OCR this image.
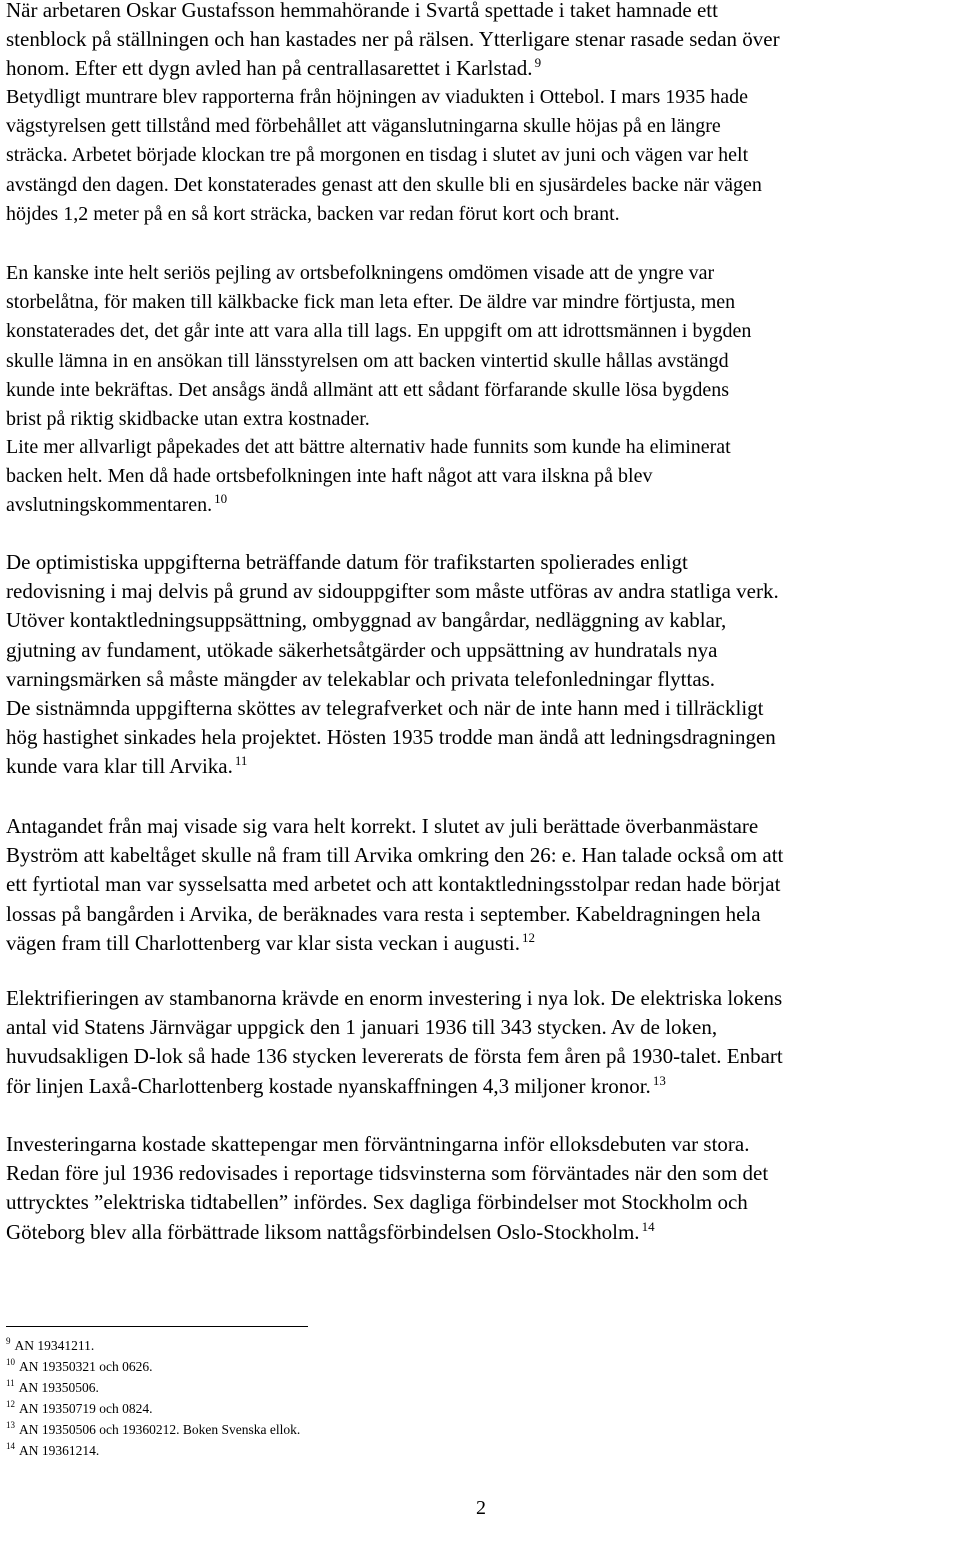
När arbetaren Oskar Gustafsson hemmahörande i Svartå spettade i taket hamnade ett
stenblock på ställningen och han kastades ner på rälsen. Ytterligare stenar rasade sedan över
honom. Efter ett dygn avled han på centrallasarettet i Karlstad. $^9$
Betydligt muntrare blev rapporterna från höjningen av viadukten i Ottebol. I mars 1935 hade
vägstyrelsen gett tillstånd med förbehållet att väganslutningarna skulle höjas på en längre
sträcka. Arbetet började klockan tre på morgonen en tisdag i slutet av juni och vägen var helt
avstängd den dagen. Det konstaterades genast att den skulle bli en sjusärdeles backe när vägen
höjdes 1,2 meter på en så kort sträcka, backen var redan förut kort och brant.
En kanske inte helt seriös pejling av ortsbefolkningens omdömen visade att de yngre var
storbelåtna, för maken till kälkbacke fick man leta efter. De äldre var mindre förtjusta, men
konstaterades det, det går inte att vara alla till lags. En uppgift om att idrottsmännen i bygden
skulle lämna in en ansökan till länsstyrelsen om att backen vintertid skulle hållas avstängd
kunde inte bekräftas. Det ansågs ändå allmänt att ett sådant förfarande skulle lösa bygdens
brist på riktig skidbacke utan extra kostnader.
Lite mer allvarligt påpekades det att bättre alternativ hade funnits som kunde ha eliminerat
backen helt. Men då hade ortsbefolkningen inte haft något att vara ilskna på blev
avslutningskommentaren. $^{10}$
De optimistiska uppgifterna beträffande datum för trafikstarten spolierades enligt
redovisning i maj delvis på grund av sidouppgifter som måste utföras av andra statliga verk.
Utöver kontaktledningsuppsättning, ombyggnad av bangårdar, nedläggning av kablar,
gjutning av fundament, utökade säkerhetsåtgärder och uppsättning av hundratals nya
varningsmärken så måste mängder av telekablar och privata telefonledningar flyttas.
De sistnämnda uppgifterna sköttes av telegrafverket och när de inte hann med i tillräckligt
hög hastighet sinkades hela projektet. Hösten 1935 trodde man ändå att ledningsdragningen
kunde vara klar till Arvika. $^{11}$
Antagandet från maj visade sig vara helt korrekt. I slutet av juli berättade överbanmästare
Byström att kabeltåget skulle nå fram till Arvika omkring den 26: e. Han talade också om att
ett fyrtiotal man var sysselsatta med arbetet och att kontaktledningsstolpar redan hade börjat
lossas på bangården i Arvika, de beräknades vara resta i september. Kabeldragningen hela
vägen fram till Charlottenberg var klar sista veckan i augusti. $^{12}$
Elektrifieringen av stambanorna krävde en enorm investering i nya lok. De elektriska lokens
antal vid Statens Järnvägar uppgick den 1 januari 1936 till 343 stycken. Av de loken,
huvudsakligen D-lok så hade 136 stycken levererats de första fem åren på 1930-talet. Enbart
för linjen Laxå-Charlottenberg kostade nyanskaffningen 4,3 miljoner kronor. $^{13}$
Investeringarna kostade skattepengar men förväntningarna inför elloksdebuten var stora.
Redan före jul 1936 redovisades i reportage tidsvinsterna som förväntades när den som det
uttrycktes ”elektriska tidtabellen” infördes. Sex dagliga förbindelser mot Stockholm och
Göteborg blev alla förbättrade liksom nattågsförbindelsen Oslo-Stockholm. $^{14}$
$^9$ AN 19341211.
$^{10}$ AN 19350321 och 0626.
$^{11}$ AN 19350506.
$^{12}$ AN 19350719 och 0824.
$^{13}$ AN 19350506 och 19360212. Boken Svenska ellok.
$^{14}$ AN 19361214.
2
